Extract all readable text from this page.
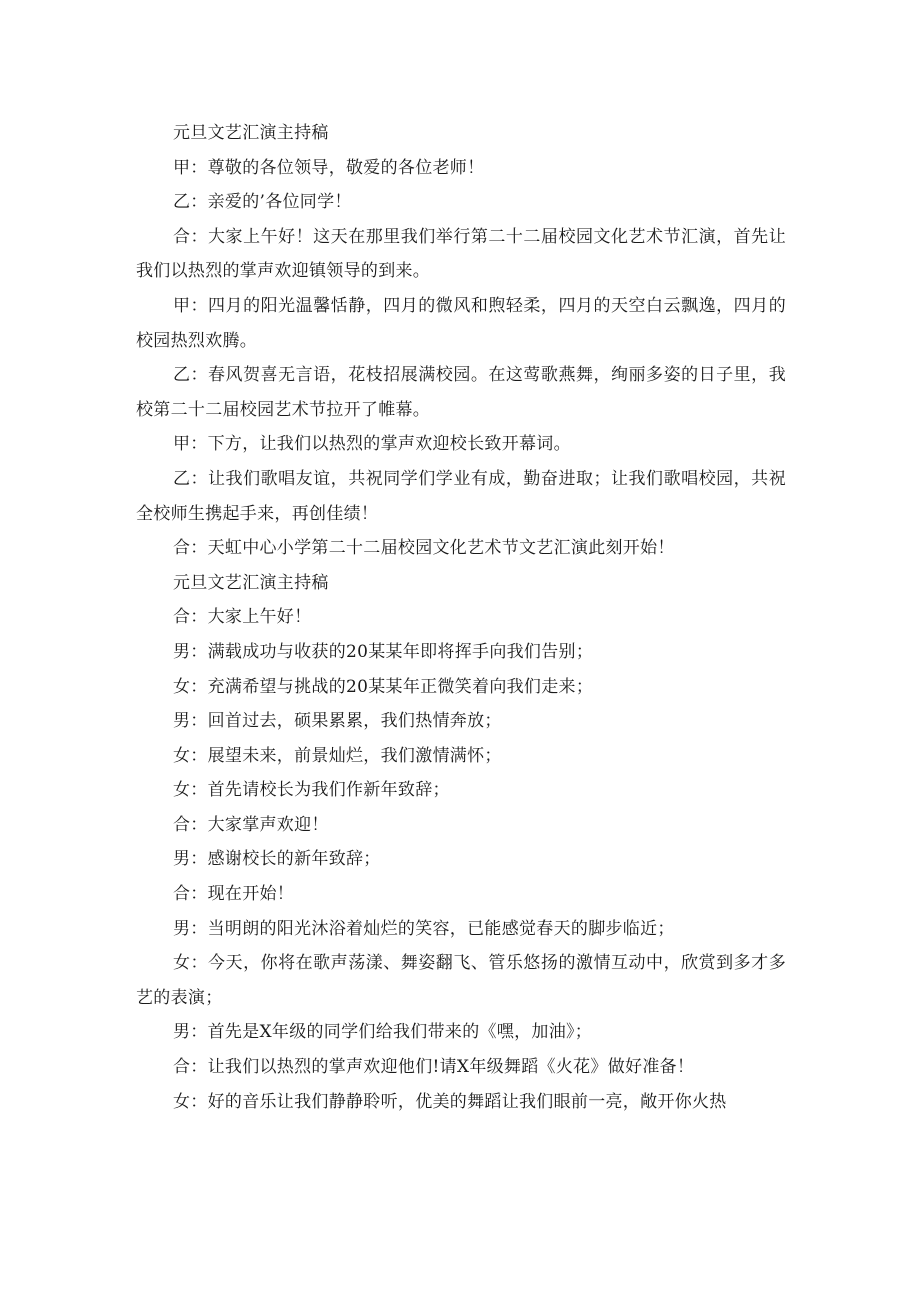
元旦文艺汇演主持稿

甲：尊敬的各位领导，敬爱的各位老师！

乙：亲爱的’各位同学！

合：大家上午好！这天在那里我们举行第二十二届校园文化艺术节汇演，首先让我们以热烈的掌声欢迎镇领导的到来。

甲：四月的阳光温馨恬静，四月的微风和煦轻柔，四月的天空白云飘逸，四月的校园热烈欢腾。

乙：春风贺喜无言语，花枝招展满校园。在这莺歌燕舞，绚丽多姿的日子里，我校第二十二届校园艺术节拉开了帷幕。

甲：下方，让我们以热烈的掌声欢迎校长致开幕词。

乙：让我们歌唱友谊，共祝同学们学业有成，勤奋进取；让我们歌唱校园，共祝全校师生携起手来，再创佳绩！

合：天虹中心小学第二十二届校园文化艺术节文艺汇演此刻开始！

元旦文艺汇演主持稿

合：大家上午好！

男：满载成功与收获的20某某年即将挥手向我们告别；

女：充满希望与挑战的20某某年正微笑着向我们走来；

男：回首过去，硕果累累，我们热情奔放；

女：展望未来，前景灿烂，我们激情满怀；

女：首先请校长为我们作新年致辞；

合：大家掌声欢迎！

男：感谢校长的新年致辞；

合：现在开始！

男：当明朗的阳光沐浴着灿烂的笑容，已能感觉春天的脚步临近；

女：今天，你将在歌声荡漾、舞姿翻飞、管乐悠扬的激情互动中，欣赏到多才多艺的表演；

男：首先是X年级的同学们给我们带来的《嘿，加油》；

合：让我们以热烈的掌声欢迎他们!请X年级舞蹈《火花》做好准备！

女：好的音乐让我们静静聆听，优美的舞蹈让我们眼前一亮，敞开你火热
